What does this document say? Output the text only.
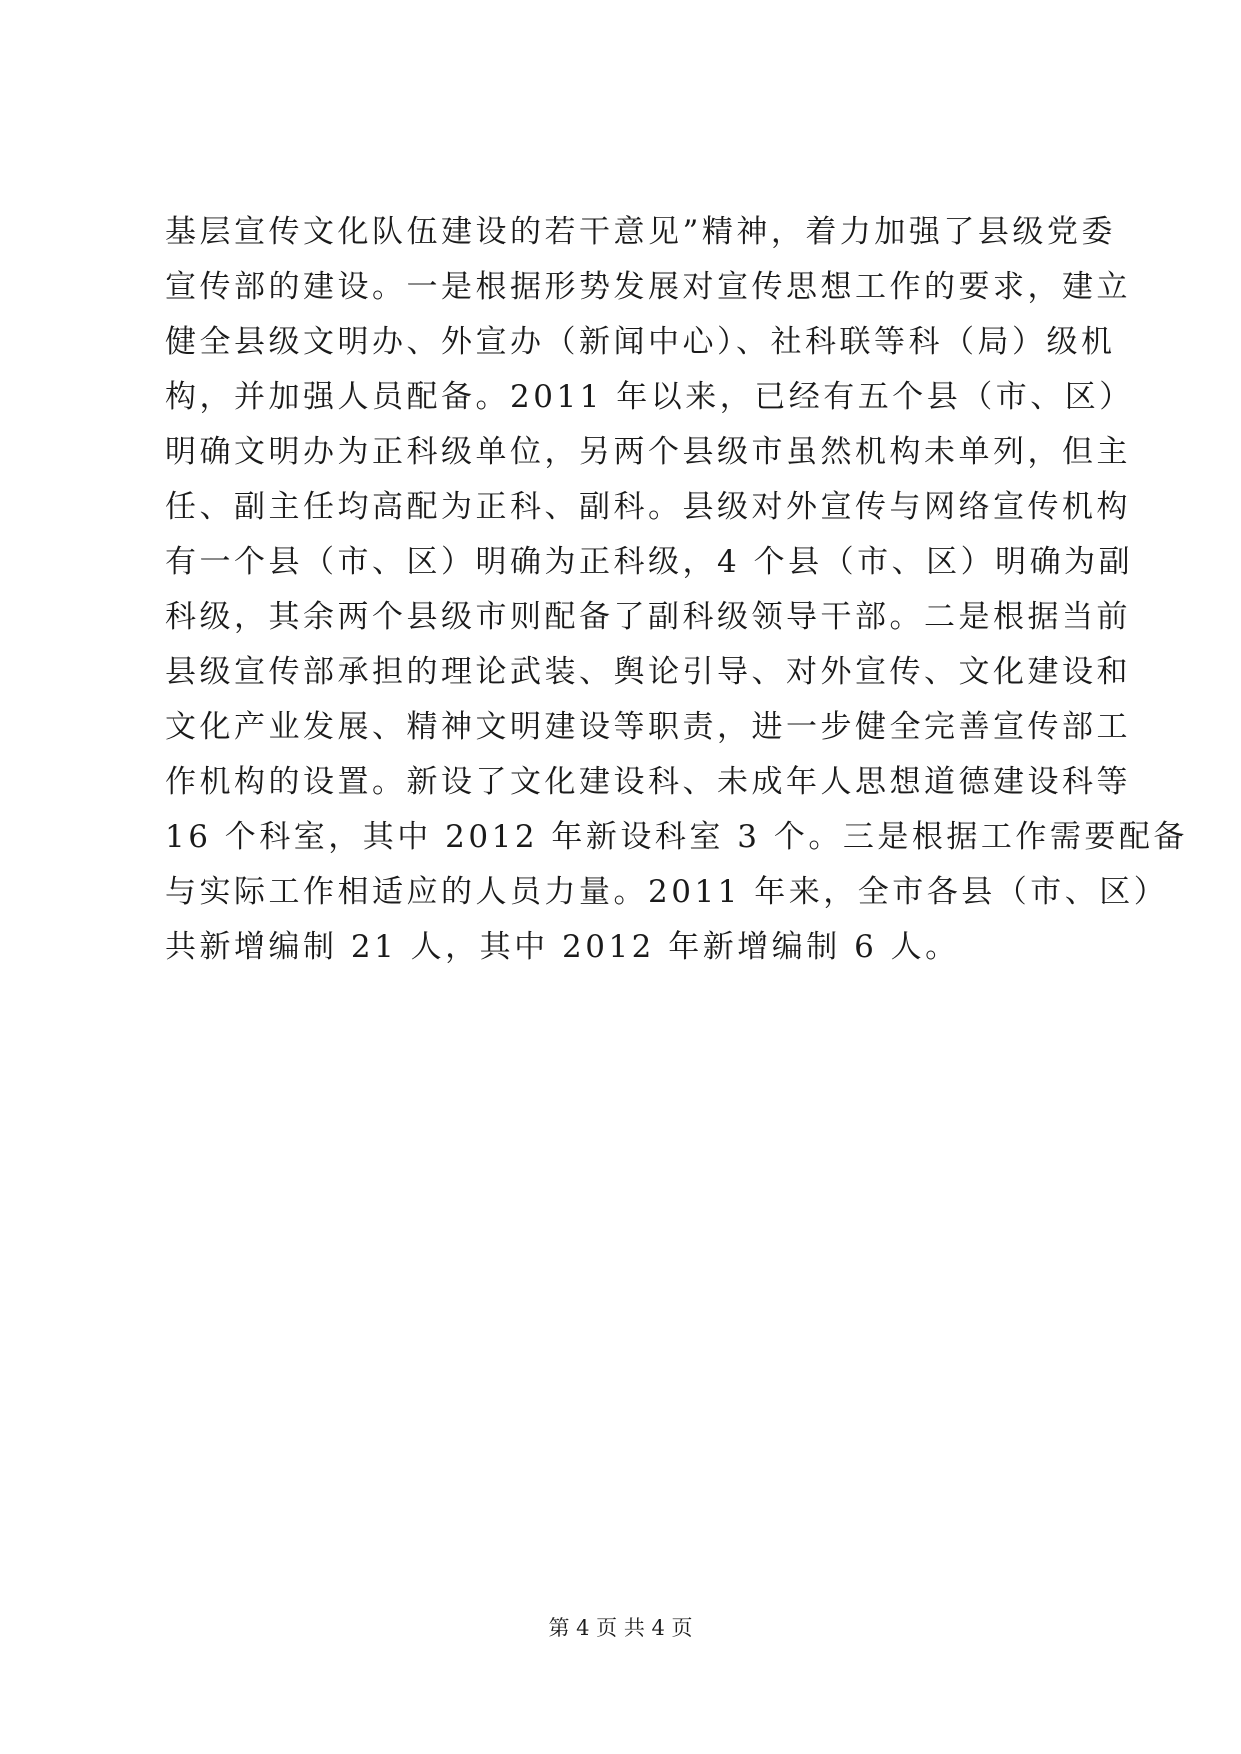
基层宣传文化队伍建设的若干意见”精神，着力加强了县级党委
宣传部的建设。一是根据形势发展对宣传思想工作的要求，建立
健全县级文明办、外宣办（新闻中心）、社科联等科（局）级机
构，并加强人员配备。2011 年以来，已经有五个县（市、区）
明确文明办为正科级单位，另两个县级市虽然机构未单列，但主
任、副主任均高配为正科、副科。县级对外宣传与网络宣传机构
有一个县（市、区）明确为正科级，4 个县（市、区）明确为副
科级，其余两个县级市则配备了副科级领导干部。二是根据当前
县级宣传部承担的理论武装、舆论引导、对外宣传、文化建设和
文化产业发展、精神文明建设等职责，进一步健全完善宣传部工
作机构的设置。新设了文化建设科、未成年人思想道德建设科等
16 个科室，其中 2012 年新设科室 3 个。三是根据工作需要配备
与实际工作相适应的人员力量。2011 年来，全市各县（市、区）
共新增编制 21 人，其中 2012 年新增编制 6 人。
第 4 页 共 4 页
